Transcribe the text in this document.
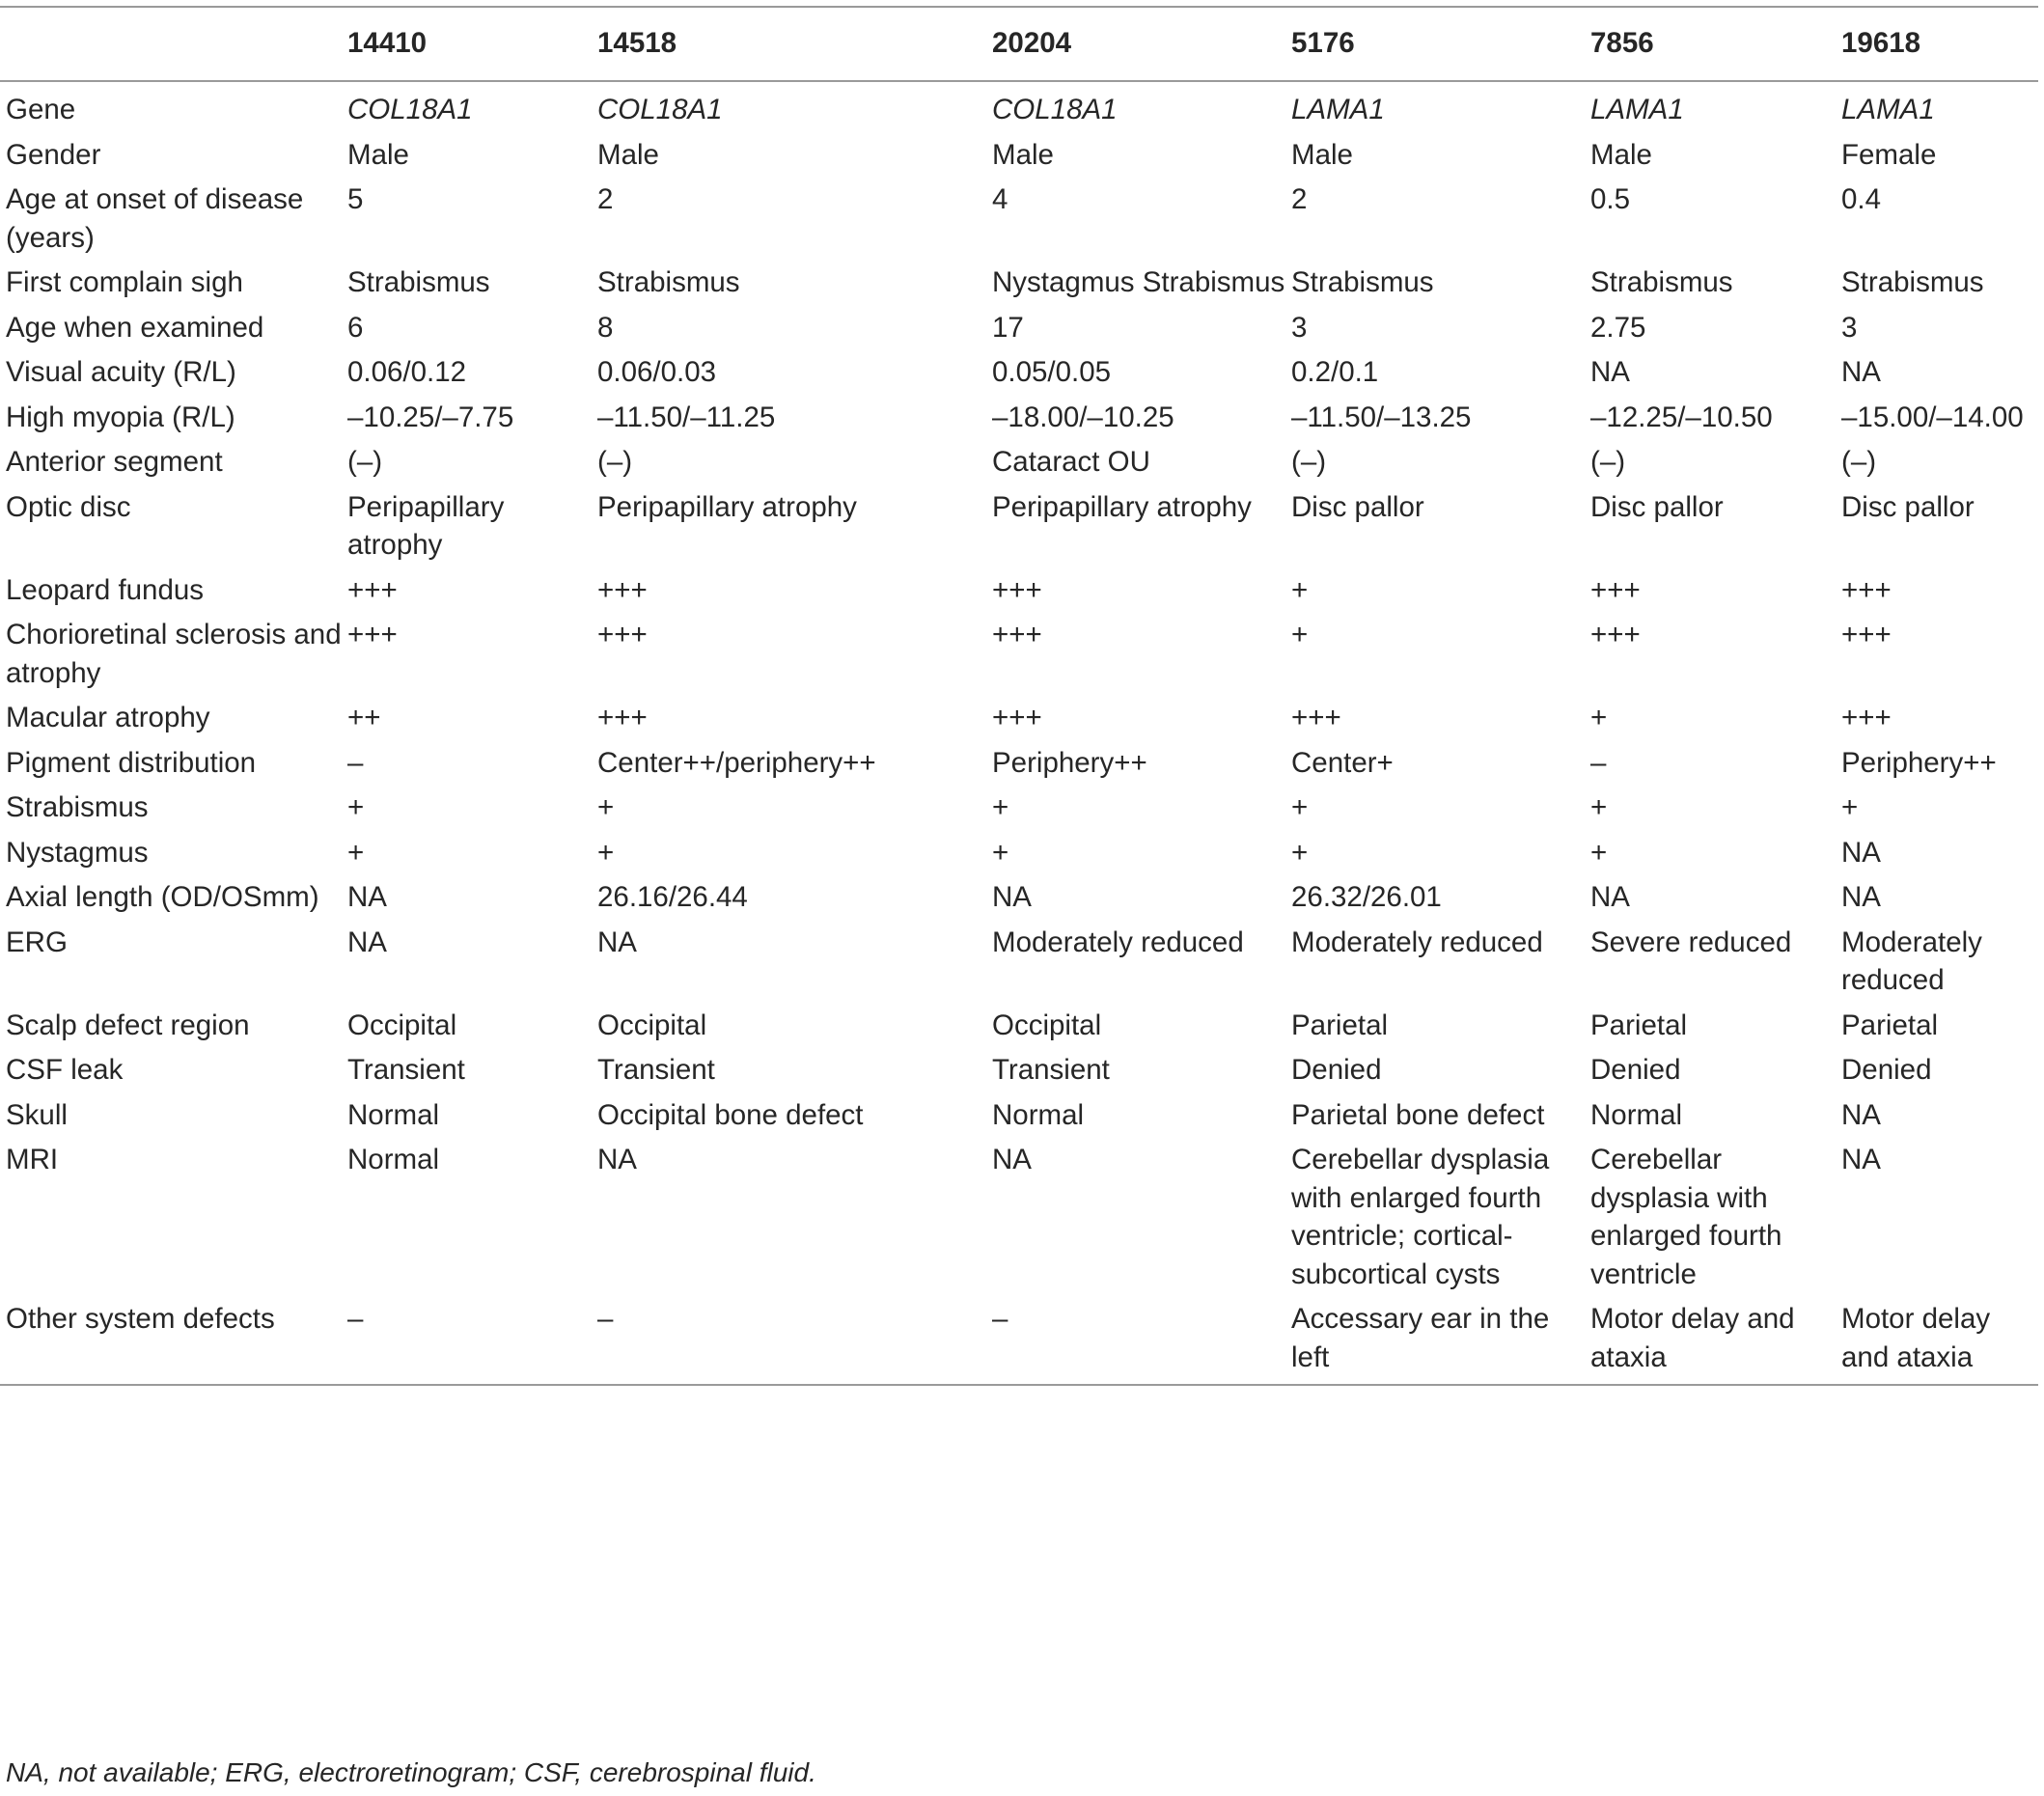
	14410	14518	20204	5176	7856	19618
Gene	COL18A1	COL18A1	COL18A1	LAMA1	LAMA1	LAMA1
Gender	Male	Male	Male	Male	Male	Female
Age at onset of disease (years)	5	2	4	2	0.5	0.4
First complain sigh	Strabismus	Strabismus	Nystagmus Strabismus	Strabismus	Strabismus	Strabismus
Age when examined	6	8	17	3	2.75	3
Visual acuity (R/L)	0.06/0.12	0.06/0.03	0.05/0.05	0.2/0.1	NA	NA
High myopia (R/L)	–10.25/–7.75	–11.50/–11.25	–18.00/–10.25	–11.50/–13.25	–12.25/–10.50	–15.00/–14.00
Anterior segment	(–)	(–)	Cataract OU	(–)	(–)	(–)
Optic disc	Peripapillary atrophy	Peripapillary atrophy	Peripapillary atrophy	Disc pallor	Disc pallor	Disc pallor
Leopard fundus	+++	+++	+++	+	+++	+++
Chorioretinal sclerosis and atrophy	+++	+++	+++	+	+++	+++
Macular atrophy	++	+++	+++	+++	+	+++
Pigment distribution	–	Center++/periphery++	Periphery++	Center+	–	Periphery++
Strabismus	+	+	+	+	+	+
Nystagmus	+	+	+	+	+	NA
Axial length (OD/OSmm)	NA	26.16/26.44	NA	26.32/26.01	NA	NA
ERG	NA	NA	Moderately reduced	Moderately reduced	Severe reduced	Moderately reduced
Scalp defect region	Occipital	Occipital	Occipital	Parietal	Parietal	Parietal
CSF leak	Transient	Transient	Transient	Denied	Denied	Denied
Skull	Normal	Occipital bone defect	Normal	Parietal bone defect	Normal	NA
MRI	Normal	NA	NA	Cerebellar dysplasia with enlarged fourth ventricle; cortical-subcortical cysts	Cerebellar dysplasia with enlarged fourth ventricle	NA
Other system defects	–	–	–	Accessary ear in the left	Motor delay and ataxia	Motor delay and ataxia
NA, not available; ERG, electroretinogram; CSF, cerebrospinal fluid.
